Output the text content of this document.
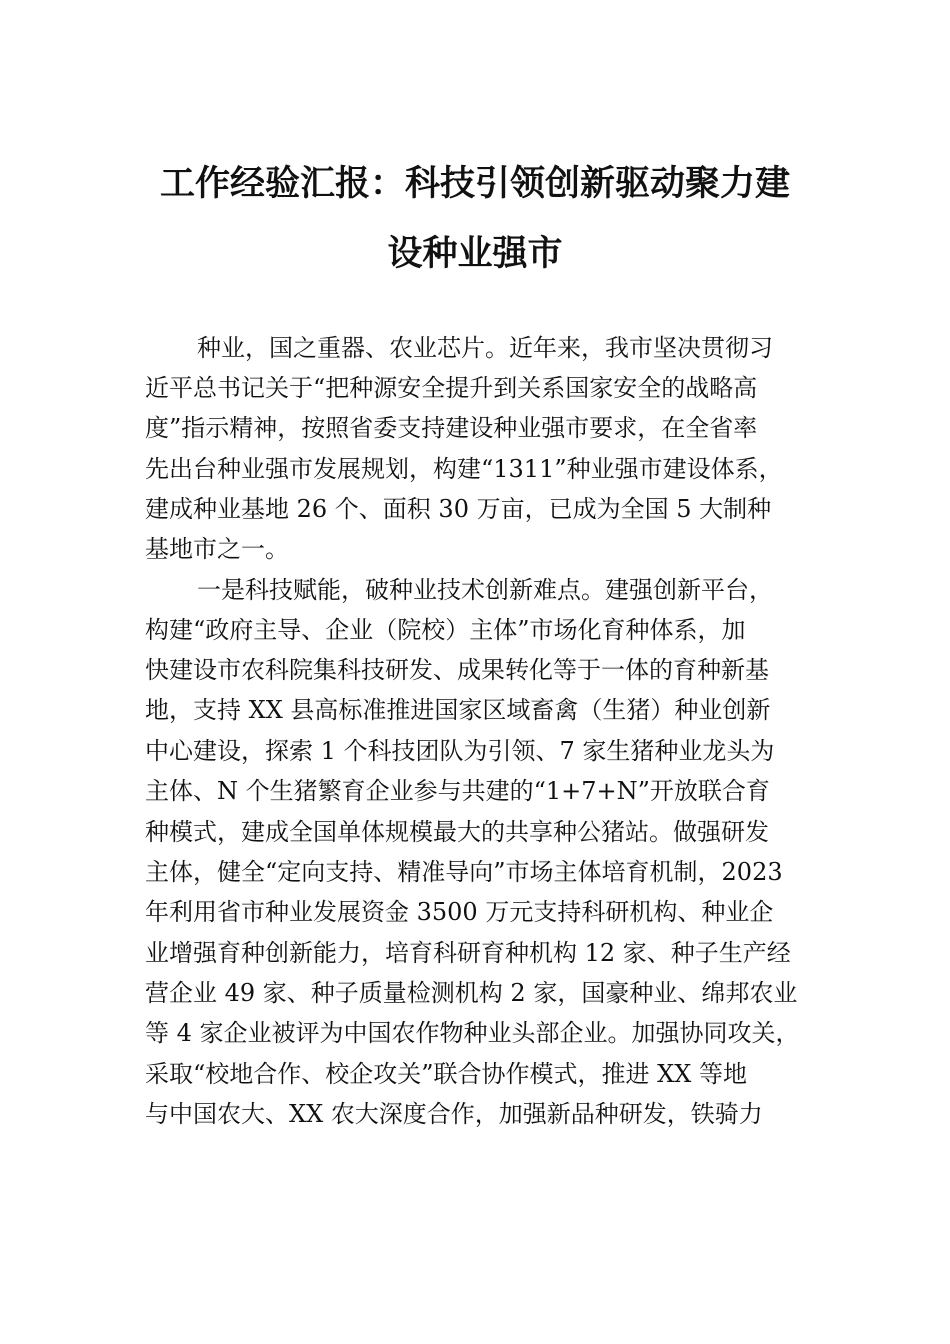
工作经验汇报：科技引领创新驱动聚力建
设种业强市
种业，国之重器、农业芯片。近年来，我市坚决贯彻习
近平总书记关于“把种源安全提升到关系国家安全的战略高
度”指示精神，按照省委支持建设种业强市要求，在全省率
先出台种业强市发展规划，构建“1311”种业强市建设体系，
建成种业基地 26 个、面积 30 万亩，已成为全国 5 大制种
基地市之一。
一是科技赋能，破种业技术创新难点。建强创新平台，
构建“政府主导、企业（院校）主体”市场化育种体系，加
快建设市农科院集科技研发、成果转化等于一体的育种新基
地，支持 XX 县高标准推进国家区域畜禽（生猪）种业创新
中心建设，探索 1 个科技团队为引领、7 家生猪种业龙头为
主体、N 个生猪繁育企业参与共建的“1+7+N”开放联合育
种模式，建成全国单体规模最大的共享种公猪站。做强研发
主体，健全“定向支持、精准导向”市场主体培育机制，2023
年利用省市种业发展资金 3500 万元支持科研机构、种业企
业增强育种创新能力，培育科研育种机构 12 家、种子生产经
营企业 49 家、种子质量检测机构 2 家，国豪种业、绵邦农业
等 4 家企业被评为中国农作物种业头部企业。加强协同攻关，
采取“校地合作、校企攻关”联合协作模式，推进 XX 等地
与中国农大、XX 农大深度合作，加强新品种研发，铁骑力
